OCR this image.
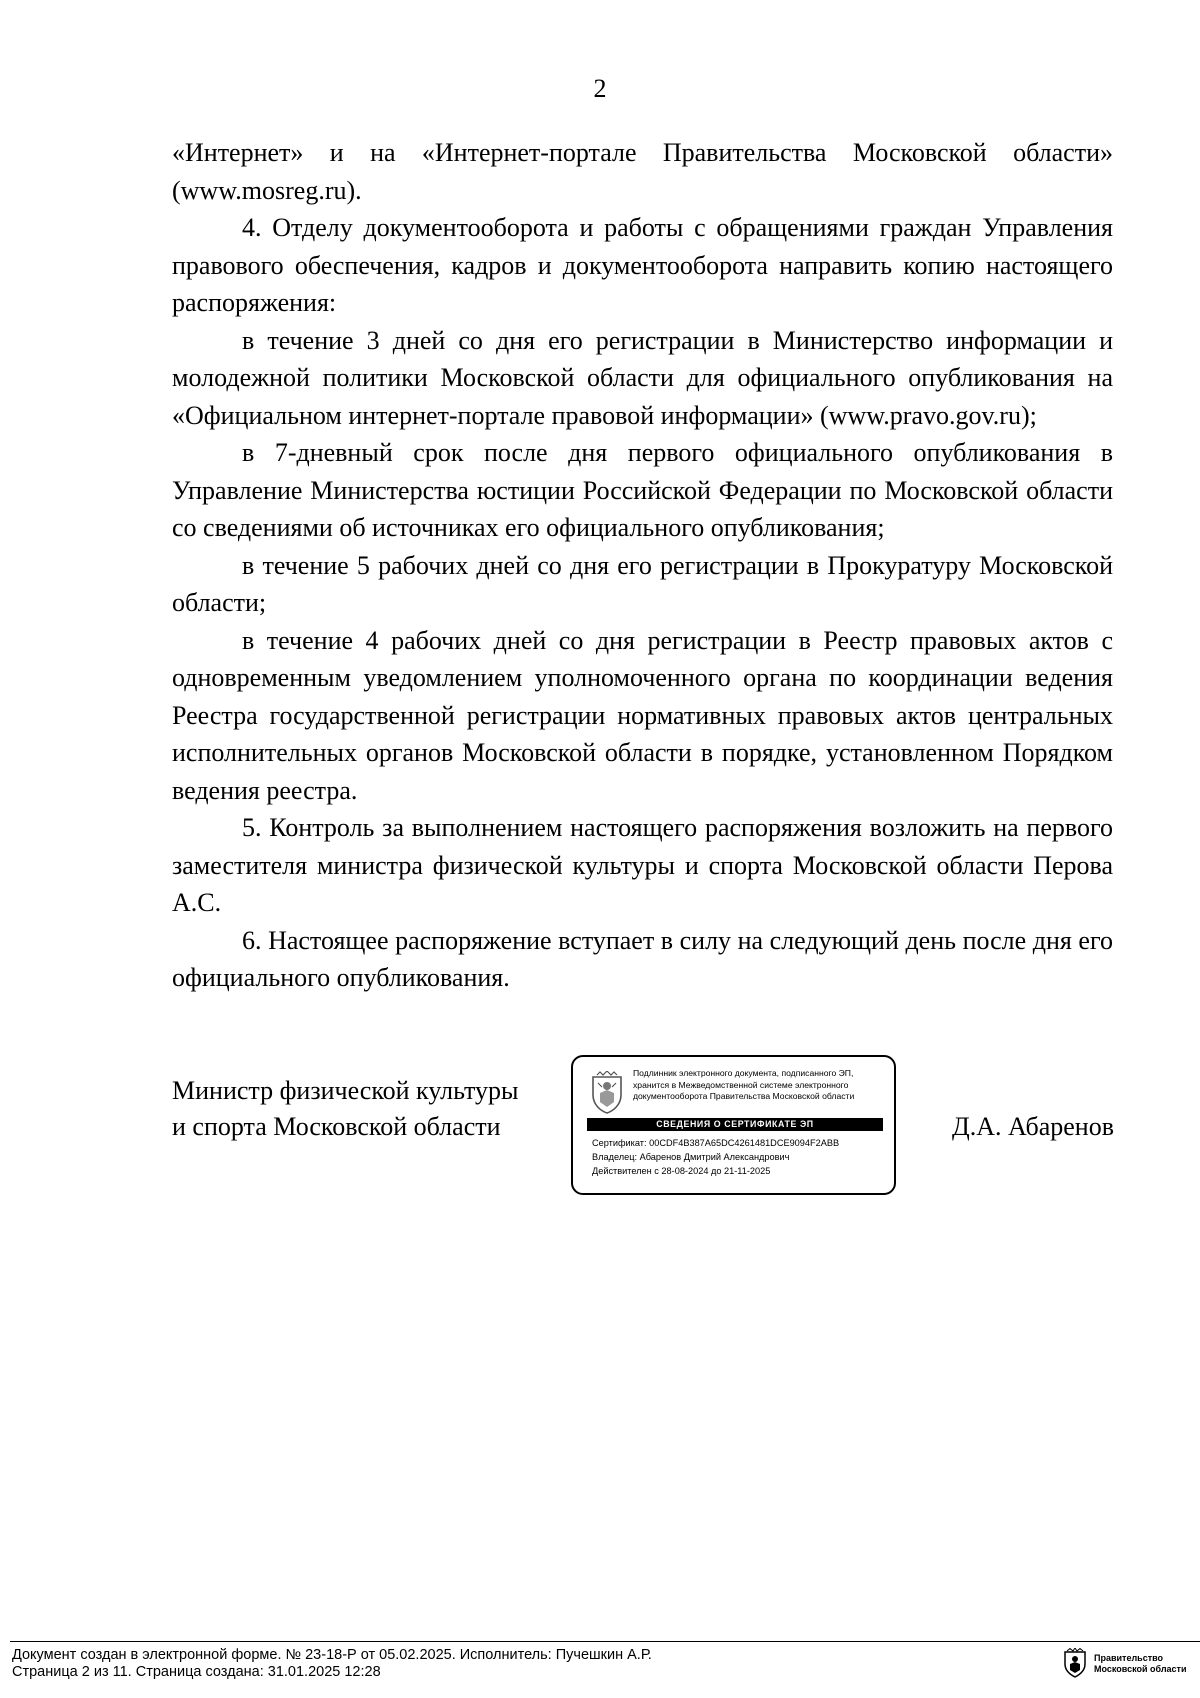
2

«Интернет» и на «Интернет-портале Правительства Московской области» (www.mosreg.ru).

4. Отделу документооборота и работы с обращениями граждан Управления правового обеспечения, кадров и документооборота направить копию настоящего распоряжения:

в течение 3 дней со дня его регистрации в Министерство информации и молодежной политики Московской области для официального опубликования на «Официальном интернет-портале правовой информации» (www.pravo.gov.ru);

в 7-дневный срок после дня первого официального опубликования в Управление Министерства юстиции Российской Федерации по Московской области со сведениями об источниках его официального опубликования;

в течение 5 рабочих дней со дня его регистрации в Прокуратуру Московской области;

в течение 4 рабочих дней со дня регистрации в Реестр правовых актов с одновременным уведомлением уполномоченного органа по координации ведения Реестра государственной регистрации нормативных правовых актов центральных исполнительных органов Московской области в порядке, установленном Порядком ведения реестра.

5. Контроль за выполнением настоящего распоряжения возложить на первого заместителя министра физической культуры и спорта Московской области Перова А.С.

6. Настоящее распоряжение вступает в силу на следующий день после дня его официального опубликования.

Министр физической культуры
и спорта Московской области
Подлинник электронного документа, подписанного ЭП,
хранится в Межведомственной системе электронного
документооборота Правительства Московской области
СВЕДЕНИЯ О СЕРТИФИКАТЕ ЭП
Сертификат: 00CDF4B387A65DC4261481DCE9094F2ABB
Владелец: Абаренов Дмитрий Александрович
Действителен с 28-08-2024 до 21-11-2025
Д.А. Абаренов
Документ создан в электронной форме. № 23-18-Р от 05.02.2025. Исполнитель: Пучешкин А.Р.
Страница 2 из 11. Страница создана: 31.01.2025 12:28
Правительство
Московской области
